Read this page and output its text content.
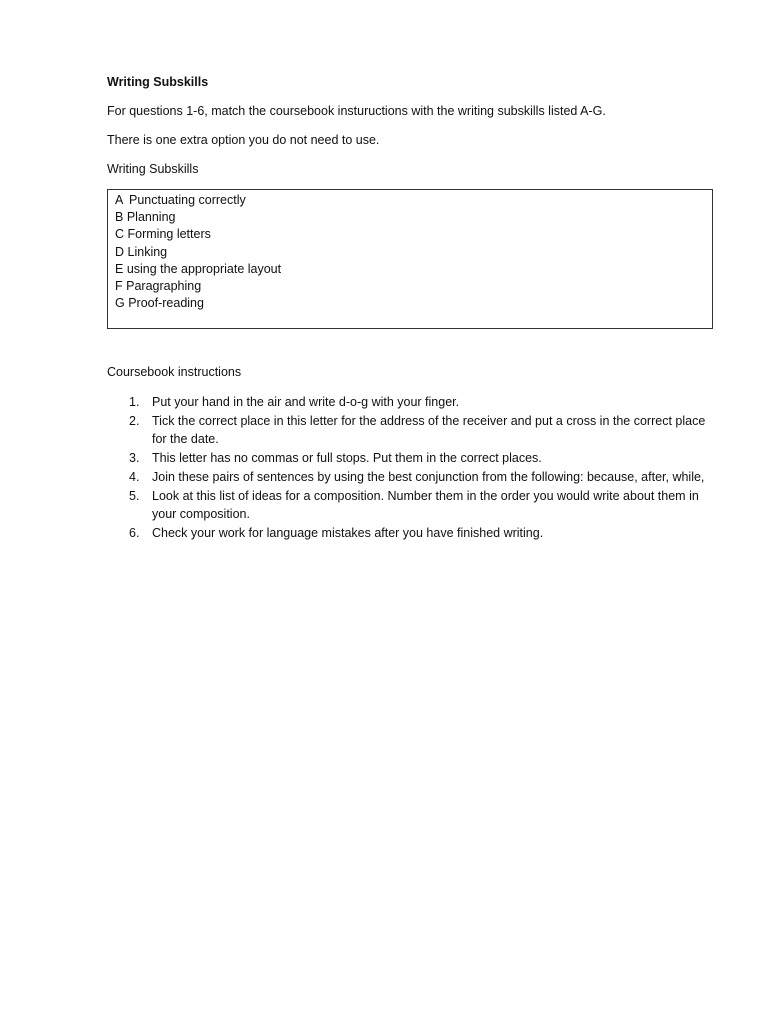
Writing Subskills
For questions 1-6, match the coursebook instuructions with the writing subskills listed A-G.
There is one extra option you do not need to use.
Writing Subskills
A Punctuating correctly
B Planning
C Forming letters
D Linking
E using the appropriate layout
F Paragraphing
G Proof-reading
Coursebook instructions
1. Put your hand in the air and write d-o-g with your finger.
2. Tick the correct place in this letter for the address of the receiver and put a cross in the correct place for the date.
3. This letter has no commas or full stops. Put them in the correct places.
4. Join these pairs of sentences by using the best conjunction from the following: because, after, while,
5. Look at this list of ideas for a composition. Number them in the order you would write about them in your composition.
6. Check your work for language mistakes after you have finished writing.
